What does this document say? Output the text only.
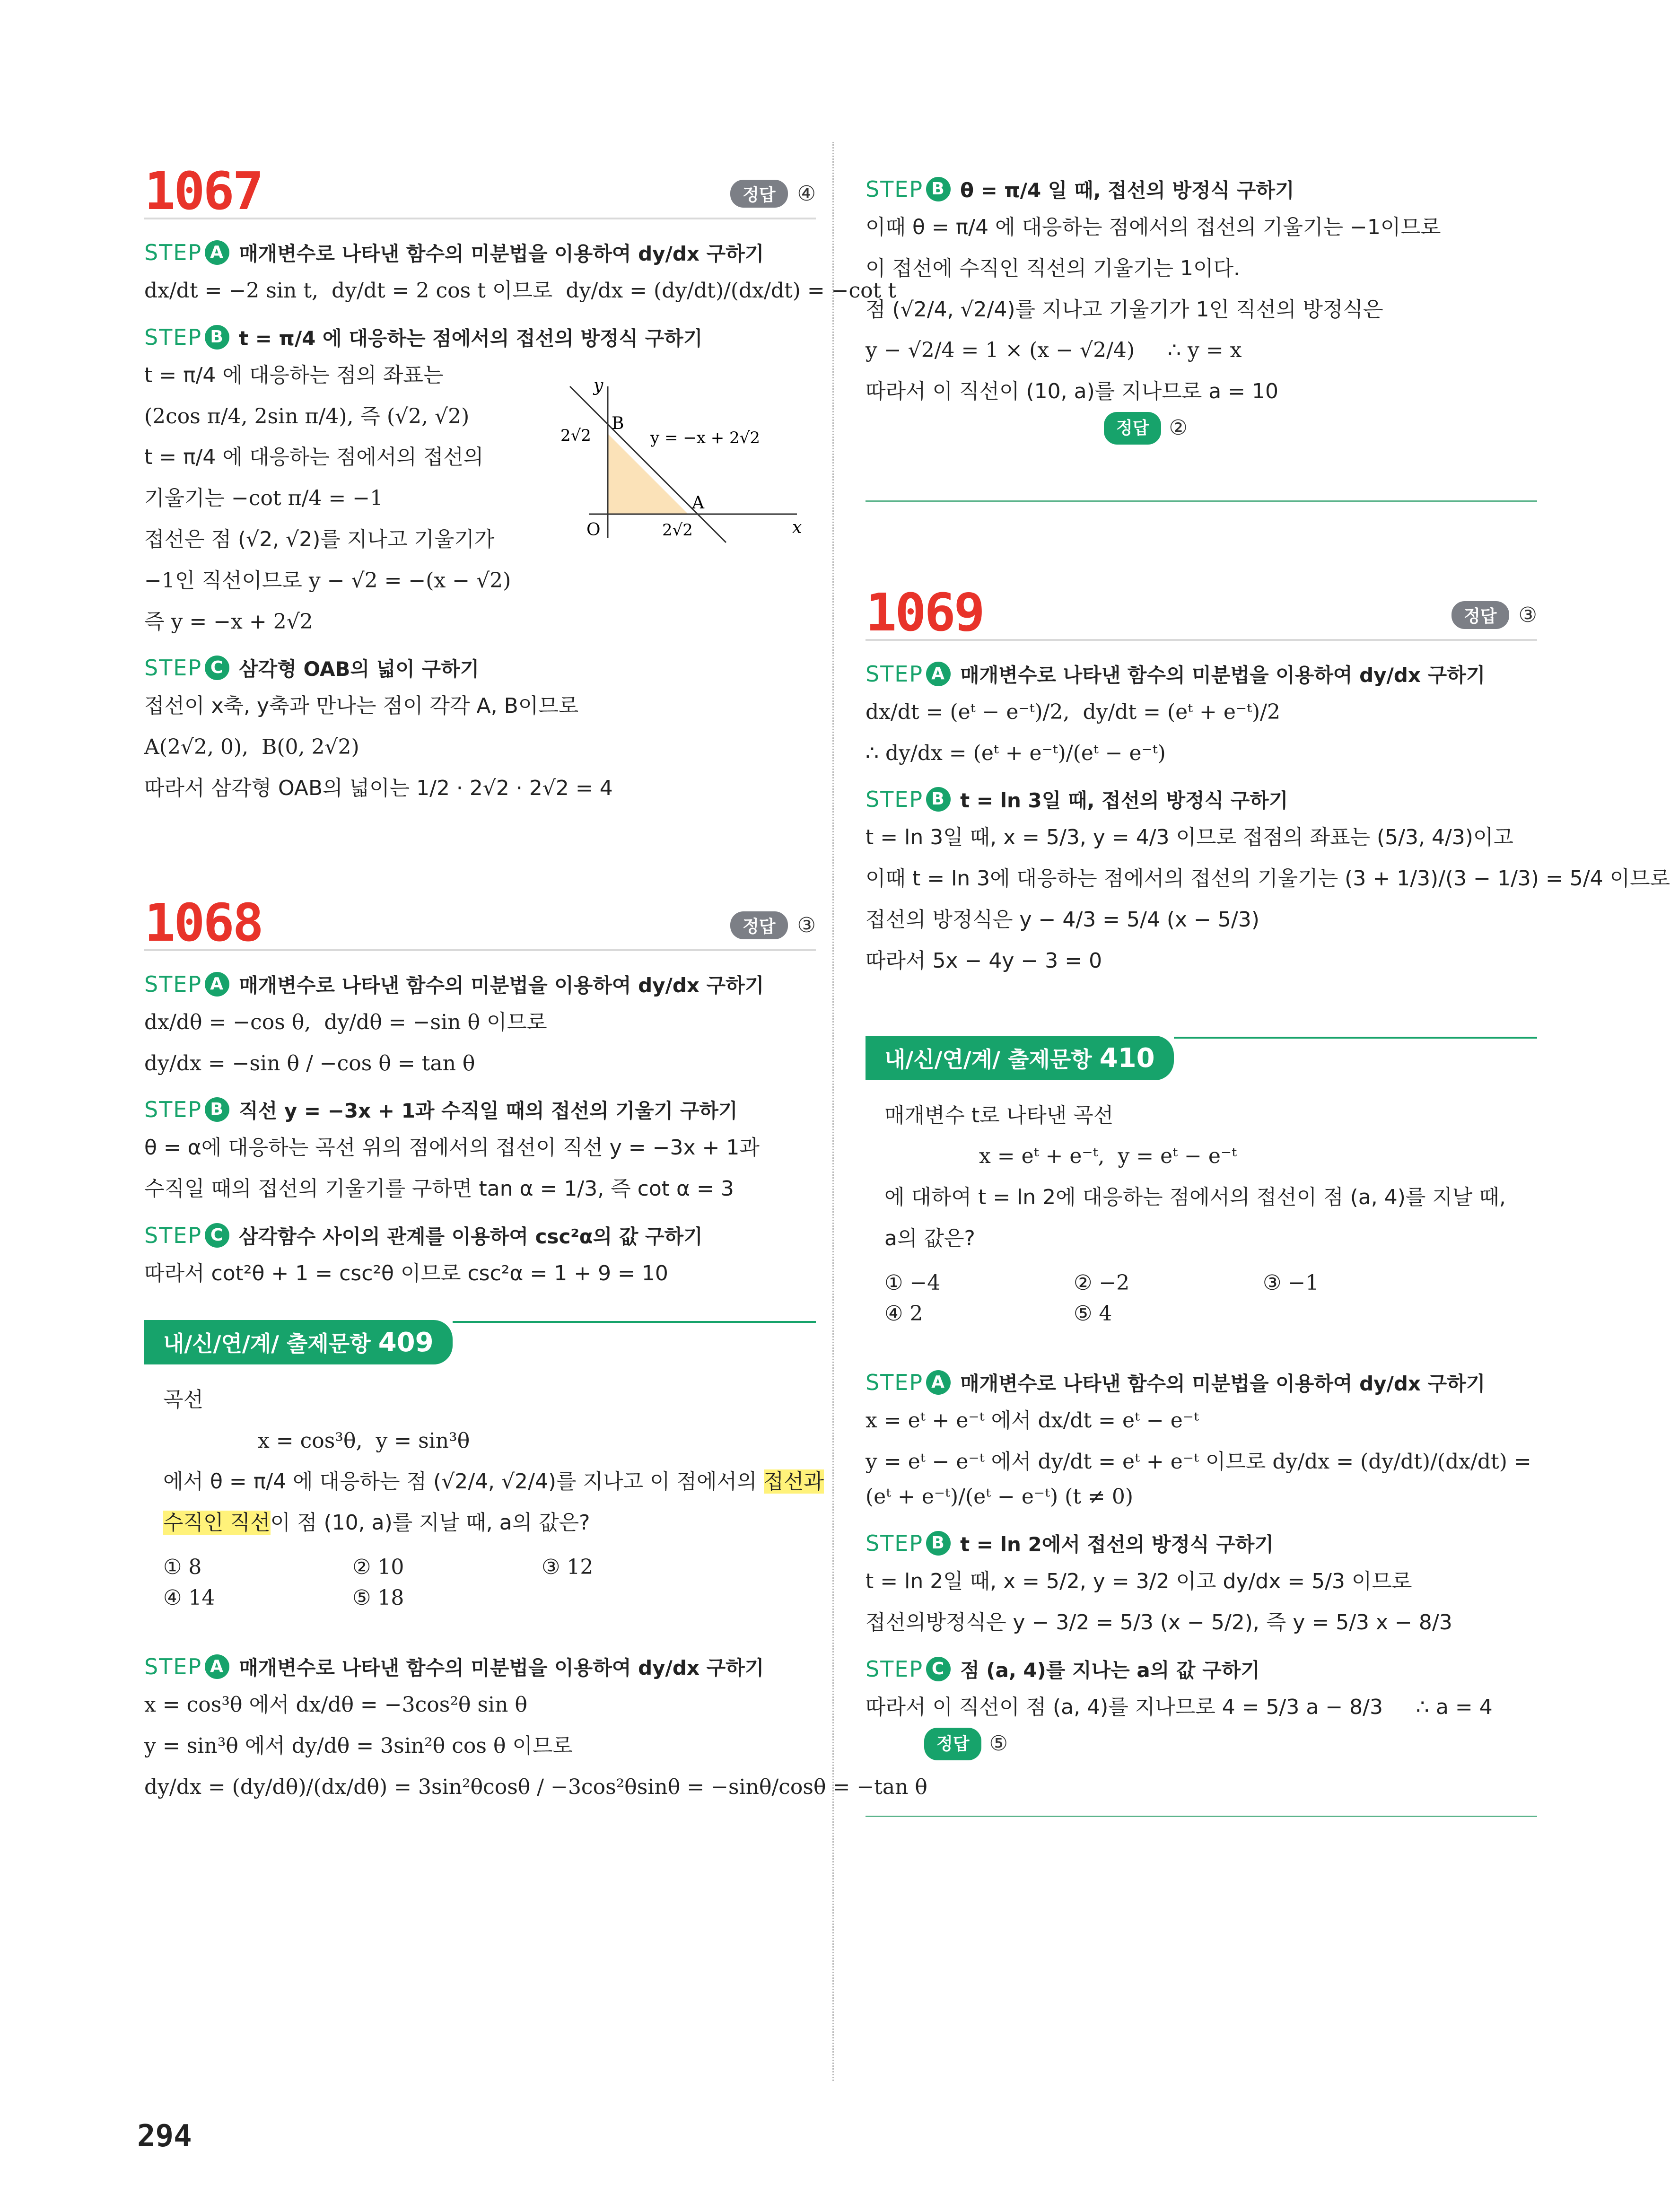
1067	정답	④
STEP A 매개변수로 나타낸 함수의 미분법을 이용하여 dy/dx 구하기
dx/dt = −2 sin t,  dy/dt = 2 cos t 이므로  dy/dx = (dy/dt)/(dx/dt) = −cot t
STEP B t = π/4 에 대응하는 점에서의 접선의 방정식 구하기
t = π/4 에 대응하는 점의 좌표는
(2cos π/4, 2sin π/4), 즉 (√2, √2)
t = π/4 에 대응하는 점에서의 접선의
기울기는 −cot π/4 = −1
접선은 점 (√2, √2)를 지나고 기울기가
−1인 직선이므로 y − √2 = −(x − √2)
즉 y = −x + 2√2
y
x
O
B
A
2√2
2√2
y = −x + 2√2
STEP C 삼각형 OAB의 넓이 구하기
접선이 x축, y축과 만나는 점이 각각 A, B이므로
A(2√2, 0),  B(0, 2√2)
따라서 삼각형 OAB의 넓이는 1/2 · 2√2 · 2√2 = 4
1068	정답	③
STEP A 매개변수로 나타낸 함수의 미분법을 이용하여 dy/dx 구하기
dx/dθ = −cos θ,  dy/dθ = −sin θ 이므로
dy/dx = −sin θ / −cos θ = tan θ
STEP B 직선 y = −3x + 1과 수직일 때의 접선의 기울기 구하기
θ = α에 대응하는 곡선 위의 점에서의 접선이 직선 y = −3x + 1과
수직일 때의 접선의 기울기를 구하면 tan α = 1/3, 즉 cot α = 3
STEP C 삼각함수 사이의 관계를 이용하여 csc²α의 값 구하기
따라서 cot²θ + 1 = csc²θ 이므로 csc²α = 1 + 9 = 10
내/신/연/계/ 출제문항 409
곡선
x = cos³θ,  y = sin³θ
에서 θ = π/4 에 대응하는 점 (√2/4, √2/4)를 지나고 이 점에서의 접선과
수직인 직선이 점 (10, a)를 지날 때, a의 값은?
① 8	② 10	③ 12
④ 14	⑤ 18
STEP A 매개변수로 나타낸 함수의 미분법을 이용하여 dy/dx 구하기
x = cos³θ 에서 dx/dθ = −3cos²θ sin θ
y = sin³θ 에서 dy/dθ = 3sin²θ cos θ 이므로
dy/dx = (dy/dθ)/(dx/dθ) = 3sin²θcosθ / −3cos²θsinθ = −sinθ/cosθ = −tan θ
STEP B θ = π/4 일 때, 접선의 방정식 구하기
이때 θ = π/4 에 대응하는 점에서의 접선의 기울기는 −1이므로
이 접선에 수직인 직선의 기울기는 1이다.
점 (√2/4, √2/4)를 지나고 기울기가 1인 직선의 방정식은
y − √2/4 = 1 × (x − √2/4)     ∴ y = x
따라서 이 직선이 (10, a)를 지나므로 a = 10

정답 ②

1069	정답	③
STEP A 매개변수로 나타낸 함수의 미분법을 이용하여 dy/dx 구하기
dx/dt = (eᵗ − e⁻ᵗ)/2,  dy/dt = (eᵗ + e⁻ᵗ)/2
∴ dy/dx = (eᵗ + e⁻ᵗ)/(eᵗ − e⁻ᵗ)
STEP B t = ln 3일 때, 접선의 방정식 구하기
t = ln 3일 때, x = 5/3, y = 4/3 이므로 접점의 좌표는 (5/3, 4/3)이고
이때 t = ln 3에 대응하는 점에서의 접선의 기울기는 (3 + 1/3)/(3 − 1/3) = 5/4 이므로
접선의 방정식은 y − 4/3 = 5/4 (x − 5/3)
따라서 5x − 4y − 3 = 0
내/신/연/계/ 출제문항 410
매개변수 t로 나타낸 곡선
x = eᵗ + e⁻ᵗ,  y = eᵗ − e⁻ᵗ
에 대하여 t = ln 2에 대응하는 점에서의 접선이 점 (a, 4)를 지날 때,
a의 값은?
① −4	② −2	③ −1
④ 2	⑤ 4
STEP A 매개변수로 나타낸 함수의 미분법을 이용하여 dy/dx 구하기
x = eᵗ + e⁻ᵗ 에서 dx/dt = eᵗ − e⁻ᵗ
y = eᵗ − e⁻ᵗ 에서 dy/dt = eᵗ + e⁻ᵗ 이므로 dy/dx = (dy/dt)/(dx/dt) = (eᵗ + e⁻ᵗ)/(eᵗ − e⁻ᵗ) (t ≠ 0)
STEP B t = ln 2에서 접선의 방정식 구하기
t = ln 2일 때, x = 5/2, y = 3/2 이고 dy/dx = 5/3 이므로
접선의방정식은 y − 3/2 = 5/3 (x − 5/2), 즉 y = 5/3 x − 8/3
STEP C 점 (a, 4)를 지나는 a의 값 구하기
따라서 이 직선이 점 (a, 4)를 지나므로 4 = 5/3 a − 8/3     ∴ a = 4

정답 ⑤

294
